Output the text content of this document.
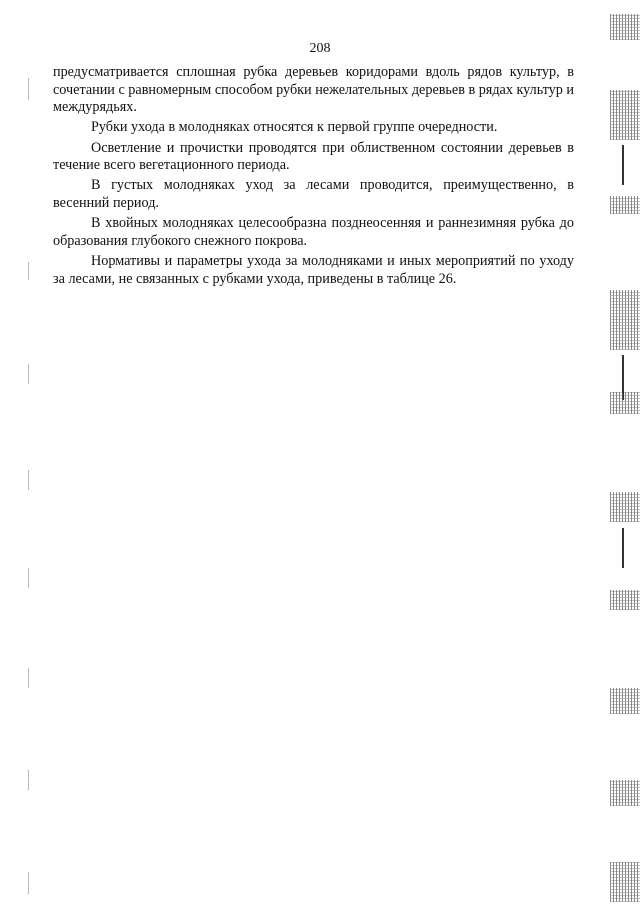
208

предусматривается сплошная рубка деревьев коридорами вдоль рядов культур, в сочетании с равномерным способом рубки нежелательных деревьев в рядах культур и междурядьях.

Рубки ухода в молодняках относятся к первой группе очередности.

Осветление и прочистки проводятся при облиственном состоянии деревьев в течение всего вегетационного периода.

В густых молодняках уход за лесами проводится, преимущественно, в весенний период.

В хвойных молодняках целесообразна позднеосенняя и раннезимняя рубка до образования глубокого снежного покрова.

Нормативы и параметры ухода за молодняками и иных мероприятий по уходу за лесами, не связанных с рубками ухода, приведены в таблице 26.
